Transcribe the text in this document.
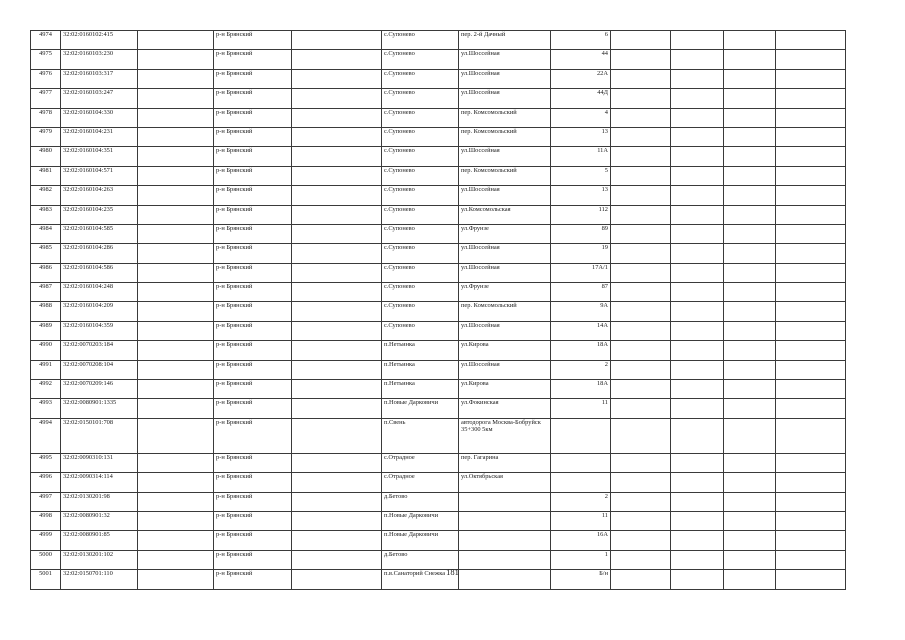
4974	32:02:0160102:415		р-н Брянский		с.Супонево	пер. 2-й Дачный	6				
4975	32:02:0160103:230		р-н Брянский		с.Супонево	ул.Шоссейная	44				
4976	32:02:0160103:317		р-н Брянский		с.Супонево	ул.Шоссейная	22А				
4977	32:02:0160103:247		р-н Брянский		с.Супонево	ул.Шоссейная	44Д				
4978	32:02:0160104:330		р-н Брянский		с.Супонево	пер. Комсомольский	4				
4979	32:02:0160104:231		р-н Брянский		с.Супонево	пер. Комсомольский	13				
4980	32:02:0160104:351		р-н Брянский		с.Супонево	ул.Шоссейная	11А				
4981	32:02:0160104:571		р-н Брянский		с.Супонево	пер. Комсомольский	5				
4982	32:02:0160104:263		р-н Брянский		с.Супонево	ул.Шоссейная	13				
4983	32:02:0160104:235		р-н Брянский		с.Супонево	ул.Комсомольская	112				
4984	32:02:0160104:585		р-н Брянский		с.Супонево	ул.Фрунзе	89				
4985	32:02:0160104:286		р-н Брянский		с.Супонево	ул.Шоссейная	19				
4986	32:02:0160104:586		р-н Брянский		с.Супонево	ул.Шоссейная	17А/1				
4987	32:02:0160104:248		р-н Брянский		с.Супонево	ул.Фрунзе	87				
4988	32:02:0160104:209		р-н Брянский		с.Супонево	пер. Комсомольский	9А				
4989	32:02:0160104:359		р-н Брянский		с.Супонево	ул.Шоссейная	14А				
4990	32:02:0070203:184		р-н Брянский		п.Нетьинка	ул.Кирова	18А				
4991	32:02:0070208:104		р-н Брянский		п.Нетьинка	ул.Шоссейная	2				
4992	32:02:0070209:146		р-н Брянский		п.Нетьинка	ул.Кирова	18А				
4993	32:02:0080901:1335		р-н Брянский		п.Новые Дарковичи	ул.Фокинская	11				
4994	32:02:0150101:708		р-н Брянский		п.Свень	автодорога Москва-Бобруйск 35+300 5км					
4995	32:02:0090310:131		р-н Брянский		с.Отрадное	пер. Гагарина					
4996	32:02:0090314:114		р-н Брянский		с.Отрадное	ул.Октябрьская					
4997	32:02:0130201:98		р-н Брянский		д.Бетово		2				
4998	32:02:0080901:32		р-н Брянский		п.Новые Дарковичи		11				
4999	32:02:0080901:85		р-н Брянский		п.Новые Дарковичи		16А				
5000	32:02:0130201:102		р-н Брянский		д.Бетово		1				
5001	32:02:0150701:110		р-н Брянский		п.в.Санаторий Снежка		Б/н				
181
